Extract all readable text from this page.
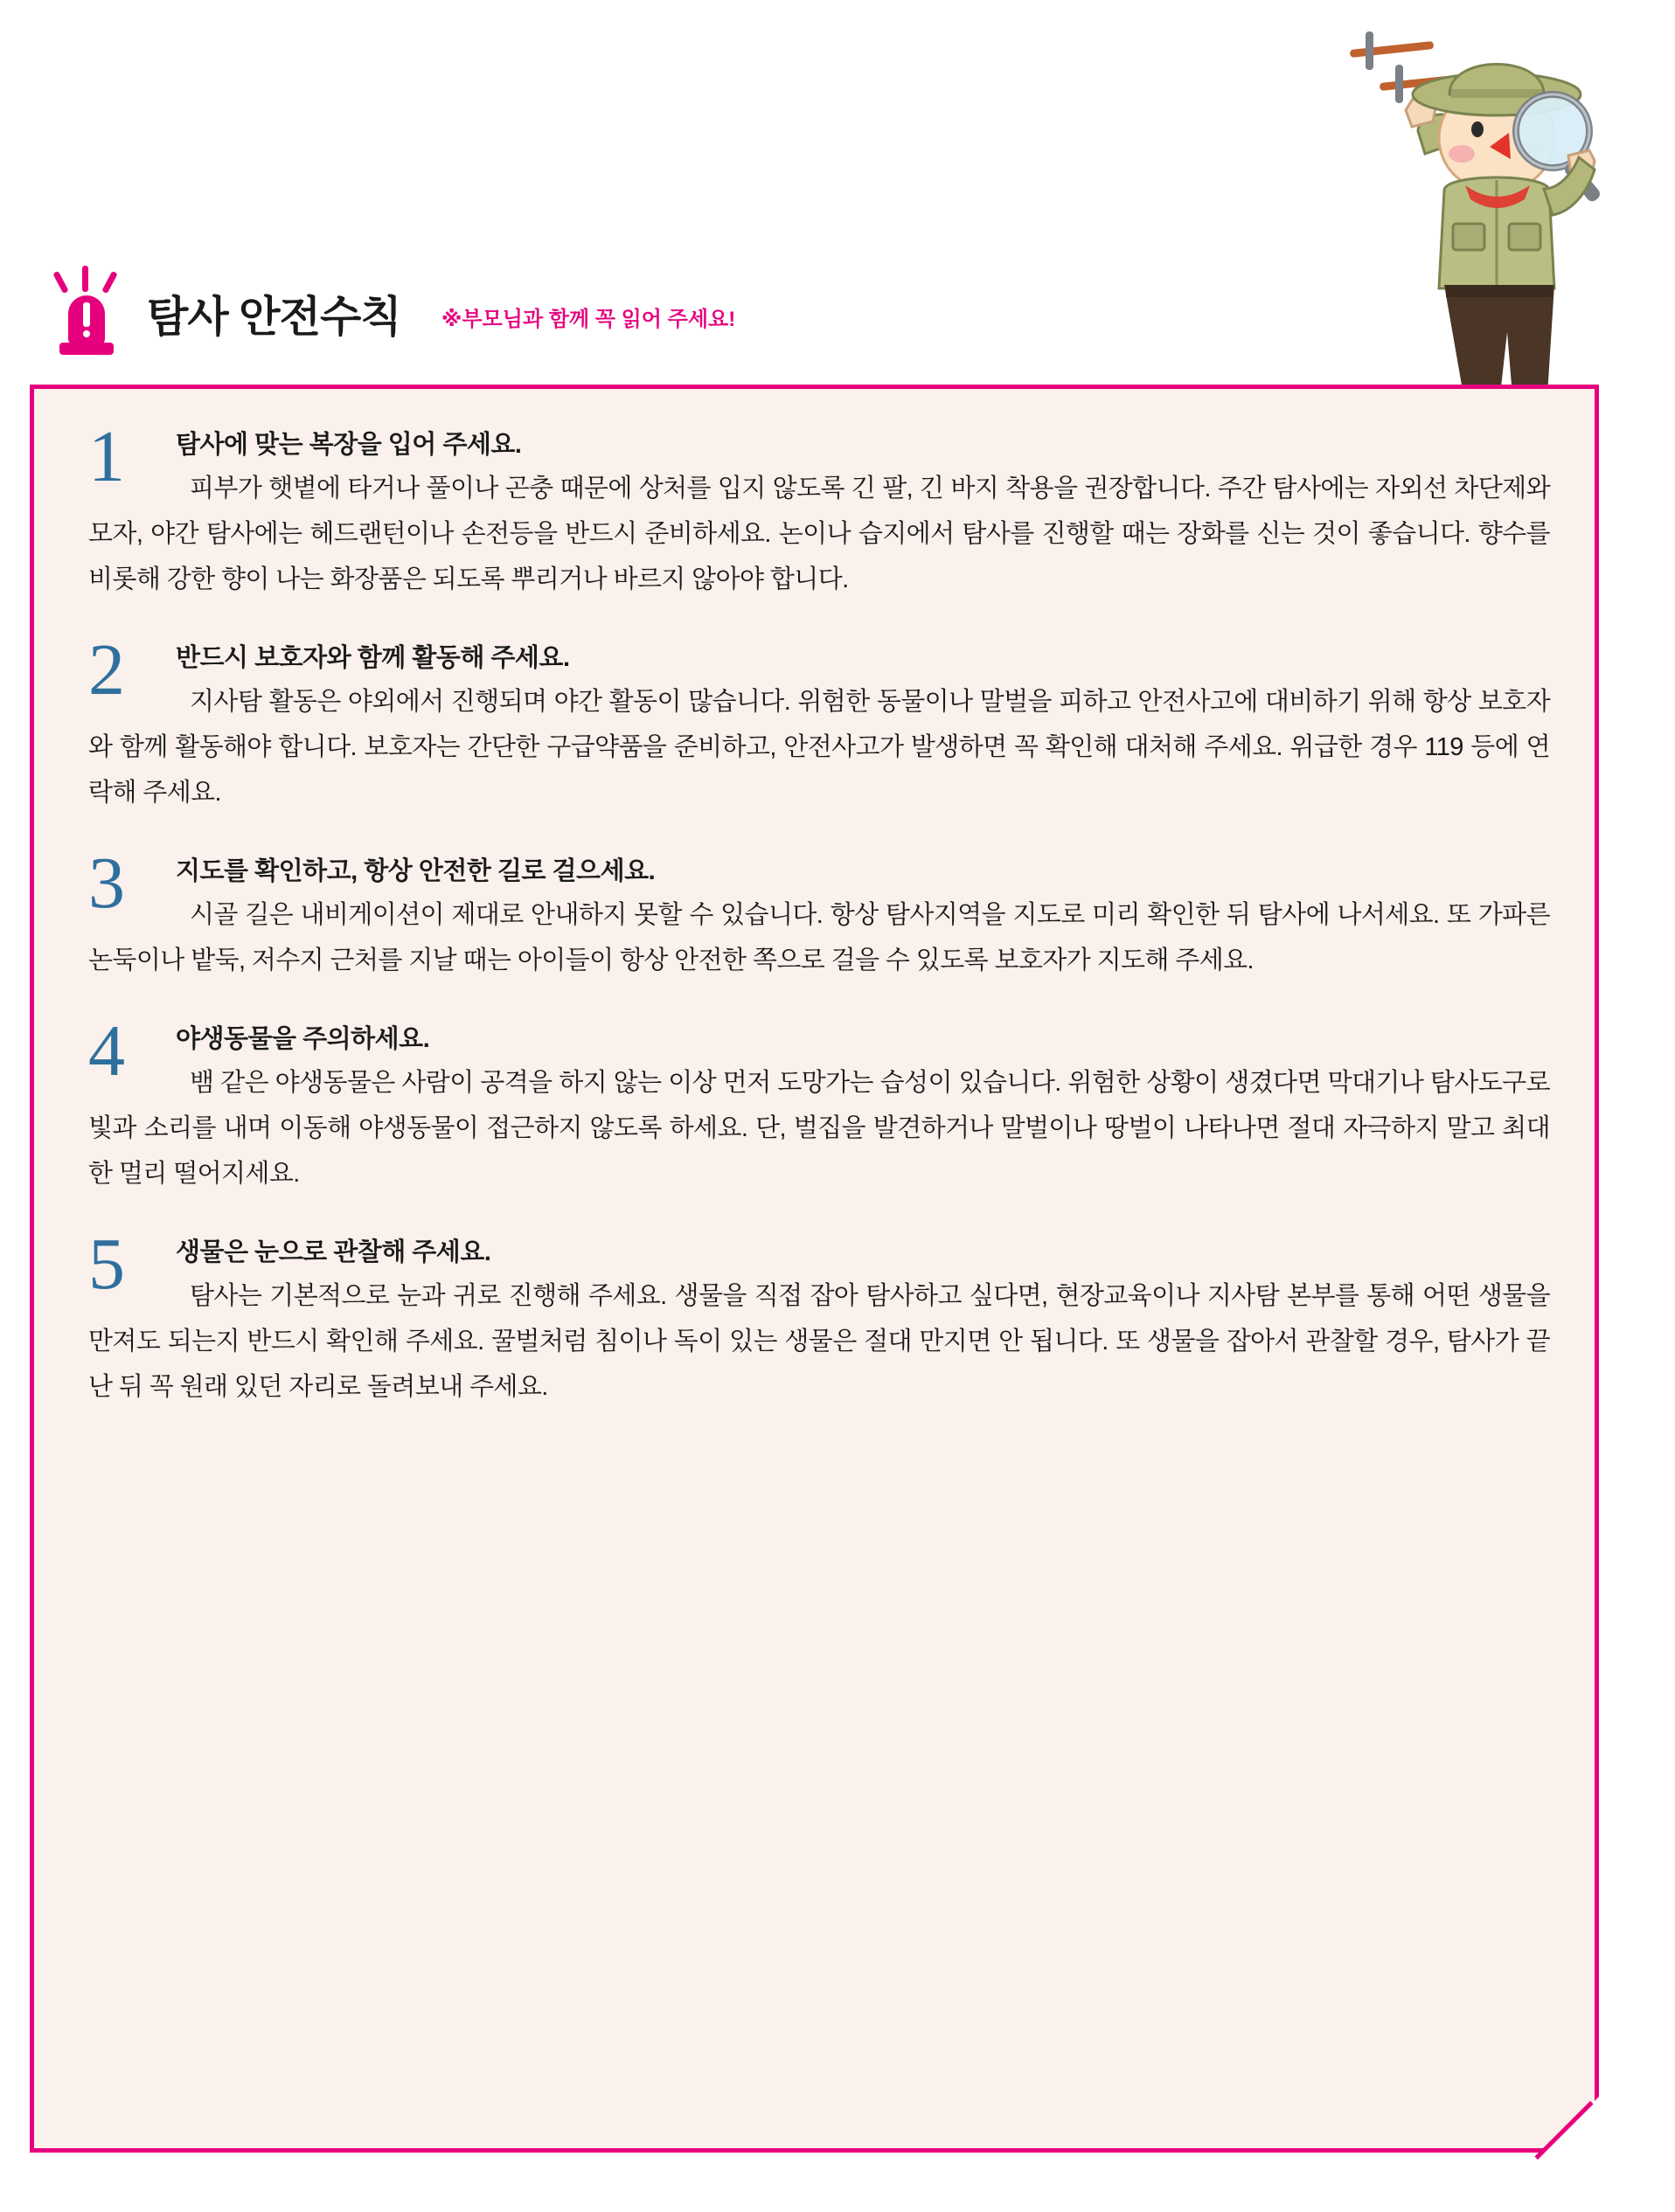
탐사 안전수칙 ※부모님과 함께 꼭 읽어 주세요!
1	탐사에 맞는 복장을 입어 주세요.
피부가 햇볕에 타거나 풀이나 곤충 때문에 상처를 입지 않도록 긴 팔, 긴 바지 착용을 권장합니다. 주간 탐사에는 자외선 차단제와 모자, 야간 탐사에는 헤드랜턴이나 손전등을 반드시 준비하세요. 논이나 습지에서 탐사를 진행할 때는 장화를 신는 것이 좋습니다. 향수를 비롯해 강한 향이 나는 화장품은 되도록 뿌리거나 바르지 않아야 합니다.
2	반드시 보호자와 함께 활동해 주세요.
지사탐 활동은 야외에서 진행되며 야간 활동이 많습니다. 위험한 동물이나 말벌을 피하고 안전사고에 대비하기 위해 항상 보호자와 함께 활동해야 합니다. 보호자는 간단한 구급약품을 준비하고, 안전사고가 발생하면 꼭 확인해 대처해 주세요. 위급한 경우 119 등에 연락해 주세요.
3	지도를 확인하고, 항상 안전한 길로 걸으세요.
시골 길은 내비게이션이 제대로 안내하지 못할 수 있습니다. 항상 탐사지역을 지도로 미리 확인한 뒤 탐사에 나서세요. 또 가파른 논둑이나 밭둑, 저수지 근처를 지날 때는 아이들이 항상 안전한 쪽으로 걸을 수 있도록 보호자가 지도해 주세요.
4	야생동물을 주의하세요.
뱀 같은 야생동물은 사람이 공격을 하지 않는 이상 먼저 도망가는 습성이 있습니다. 위험한 상황이 생겼다면 막대기나 탐사도구로 빛과 소리를 내며 이동해 야생동물이 접근하지 않도록 하세요. 단, 벌집을 발견하거나 말벌이나 땅벌이 나타나면 절대 자극하지 말고 최대한 멀리 떨어지세요.
5	생물은 눈으로 관찰해 주세요.
탐사는 기본적으로 눈과 귀로 진행해 주세요. 생물을 직접 잡아 탐사하고 싶다면, 현장교육이나 지사탐 본부를 통해 어떤 생물을 만져도 되는지 반드시 확인해 주세요. 꿀벌처럼 침이나 독이 있는 생물은 절대 만지면 안 됩니다. 또 생물을 잡아서 관찰할 경우, 탐사가 끝난 뒤 꼭 원래 있던 자리로 돌려보내 주세요.
